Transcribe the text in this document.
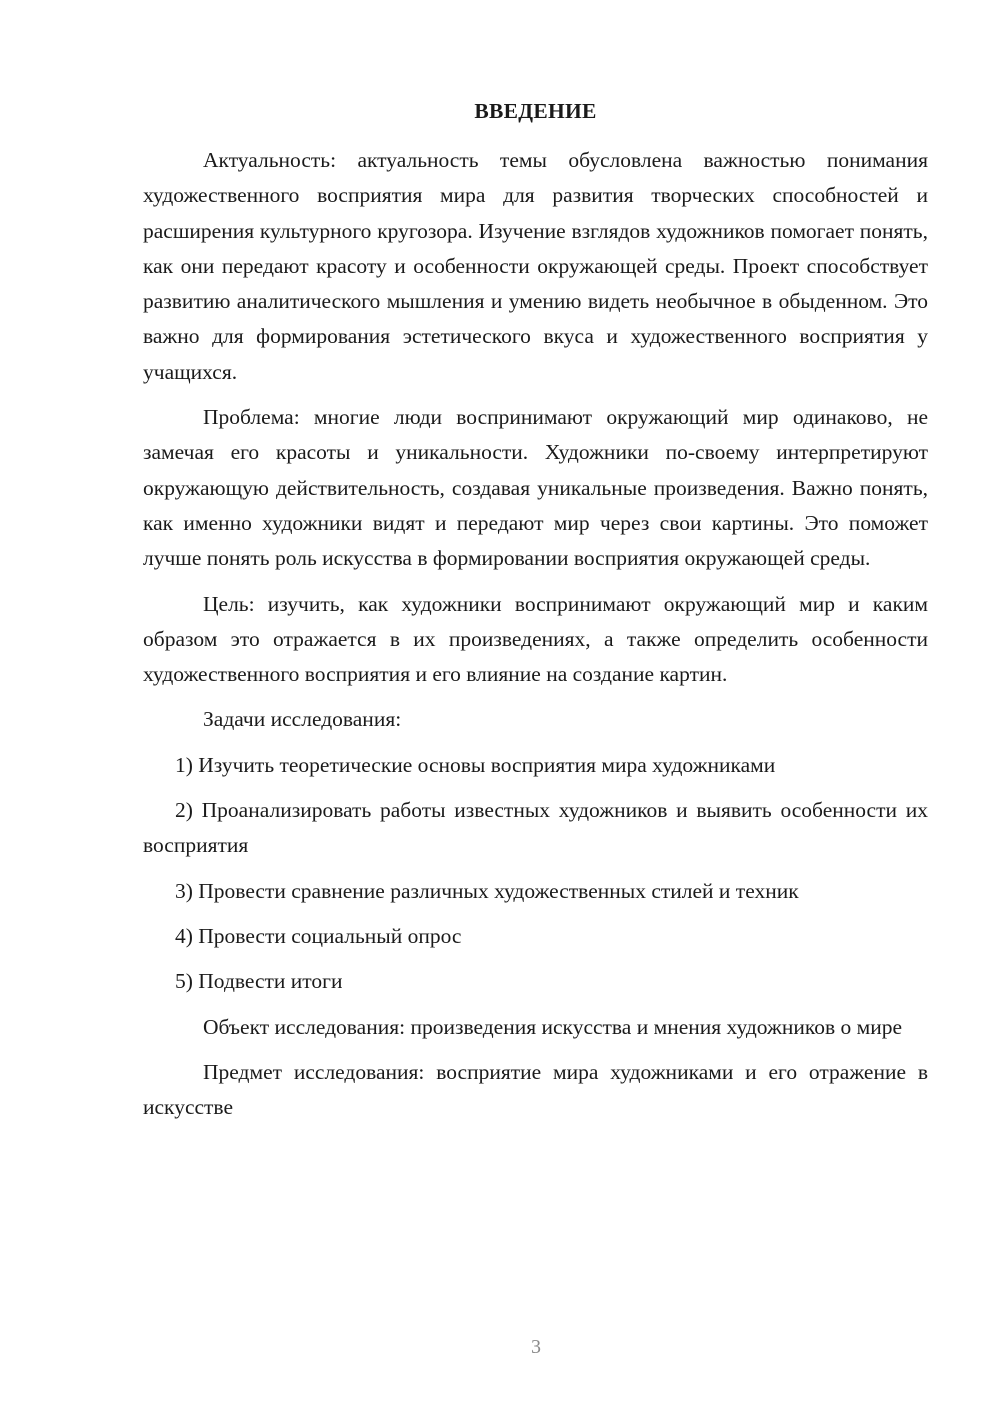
ВВЕДЕНИЕ

Актуальность: актуальность темы обусловлена важностью понимания художественного восприятия мира для развития творческих способностей и расширения культурного кругозора. Изучение взглядов художников помогает понять, как они передают красоту и особенности окружающей среды. Проект способствует развитию аналитического мышления и умению видеть необычное в обыденном. Это важно для формирования эстетического вкуса и художественного восприятия у учащихся.

Проблема: многие люди воспринимают окружающий мир одинаково, не замечая его красоты и уникальности. Художники по-своему интерпретируют окружающую действительность, создавая уникальные произведения. Важно понять, как именно художники видят и передают мир через свои картины. Это поможет лучше понять роль искусства в формировании восприятия окружающей среды.

Цель: изучить, как художники воспринимают окружающий мир и каким образом это отражается в их произведениях, а также определить особенности художественного восприятия и его влияние на создание картин.

Задачи исследования:

1) Изучить теоретические основы восприятия мира художниками

2) Проанализировать работы известных художников и выявить особенности их восприятия

3) Провести сравнение различных художественных стилей и техник

4) Провести социальный опрос

5) Подвести итоги

Объект исследования: произведения искусства и мнения художников о мире

Предмет исследования: восприятие мира художниками и его отражение в искусстве

3
